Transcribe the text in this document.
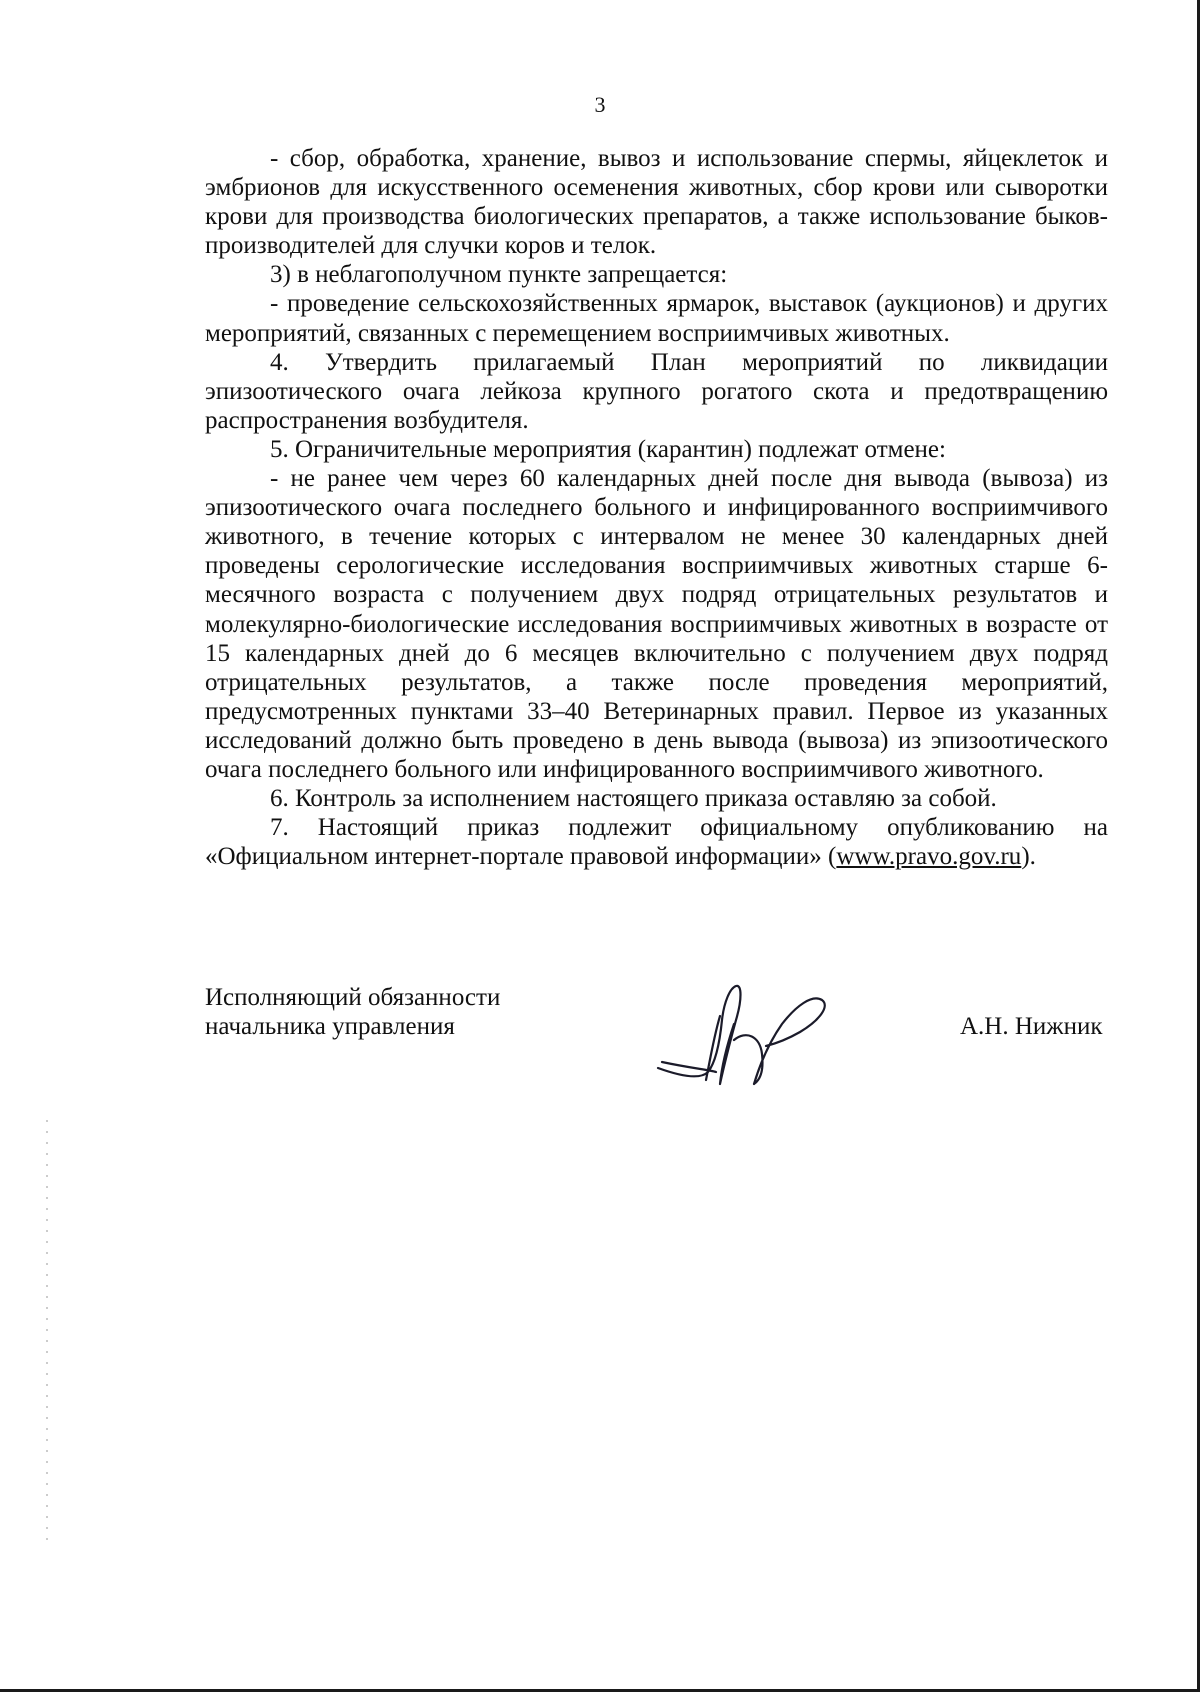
3

- сбор, обработка, хранение, вывоз и использование спермы, яйцеклеток и эмбрионов для искусственного осеменения животных, сбор крови или сыворотки крови для производства биологических препаратов, а также использование быков-производителей для случки коров и телок.

3) в неблагополучном пункте запрещается:

- проведение сельскохозяйственных ярмарок, выставок (аукционов) и других мероприятий, связанных с перемещением восприимчивых животных.

4. Утвердить прилагаемый План мероприятий по ликвидации эпизоотического очага лейкоза крупного рогатого скота и предотвращению распространения возбудителя.

5. Ограничительные мероприятия (карантин) подлежат отмене:

- не ранее чем через 60 календарных дней после дня вывода (вывоза) из эпизоотического очага последнего больного и инфицированного восприимчивого животного, в течение которых с интервалом не менее 30 календарных дней проведены серологические исследования восприимчивых животных старше 6-месячного возраста с получением двух подряд отрицательных результатов и молекулярно-биологические исследования восприимчивых животных в возрасте от 15 календарных дней до 6 месяцев включительно с получением двух подряд отрицательных результатов, а также после проведения мероприятий, предусмотренных пунктами 33–40 Ветеринарных правил. Первое из указанных исследований должно быть проведено в день вывода (вывоза) из эпизоотического очага последнего больного или инфицированного восприимчивого животного.

6. Контроль за исполнением настоящего приказа оставляю за собой.

7. Настоящий приказ подлежит официальному опубликованию на «Официальном интернет-портале правовой информации» (www.pravo.gov.ru).

Исполняющий обязанности
начальника управления	А.Н. Нижник
